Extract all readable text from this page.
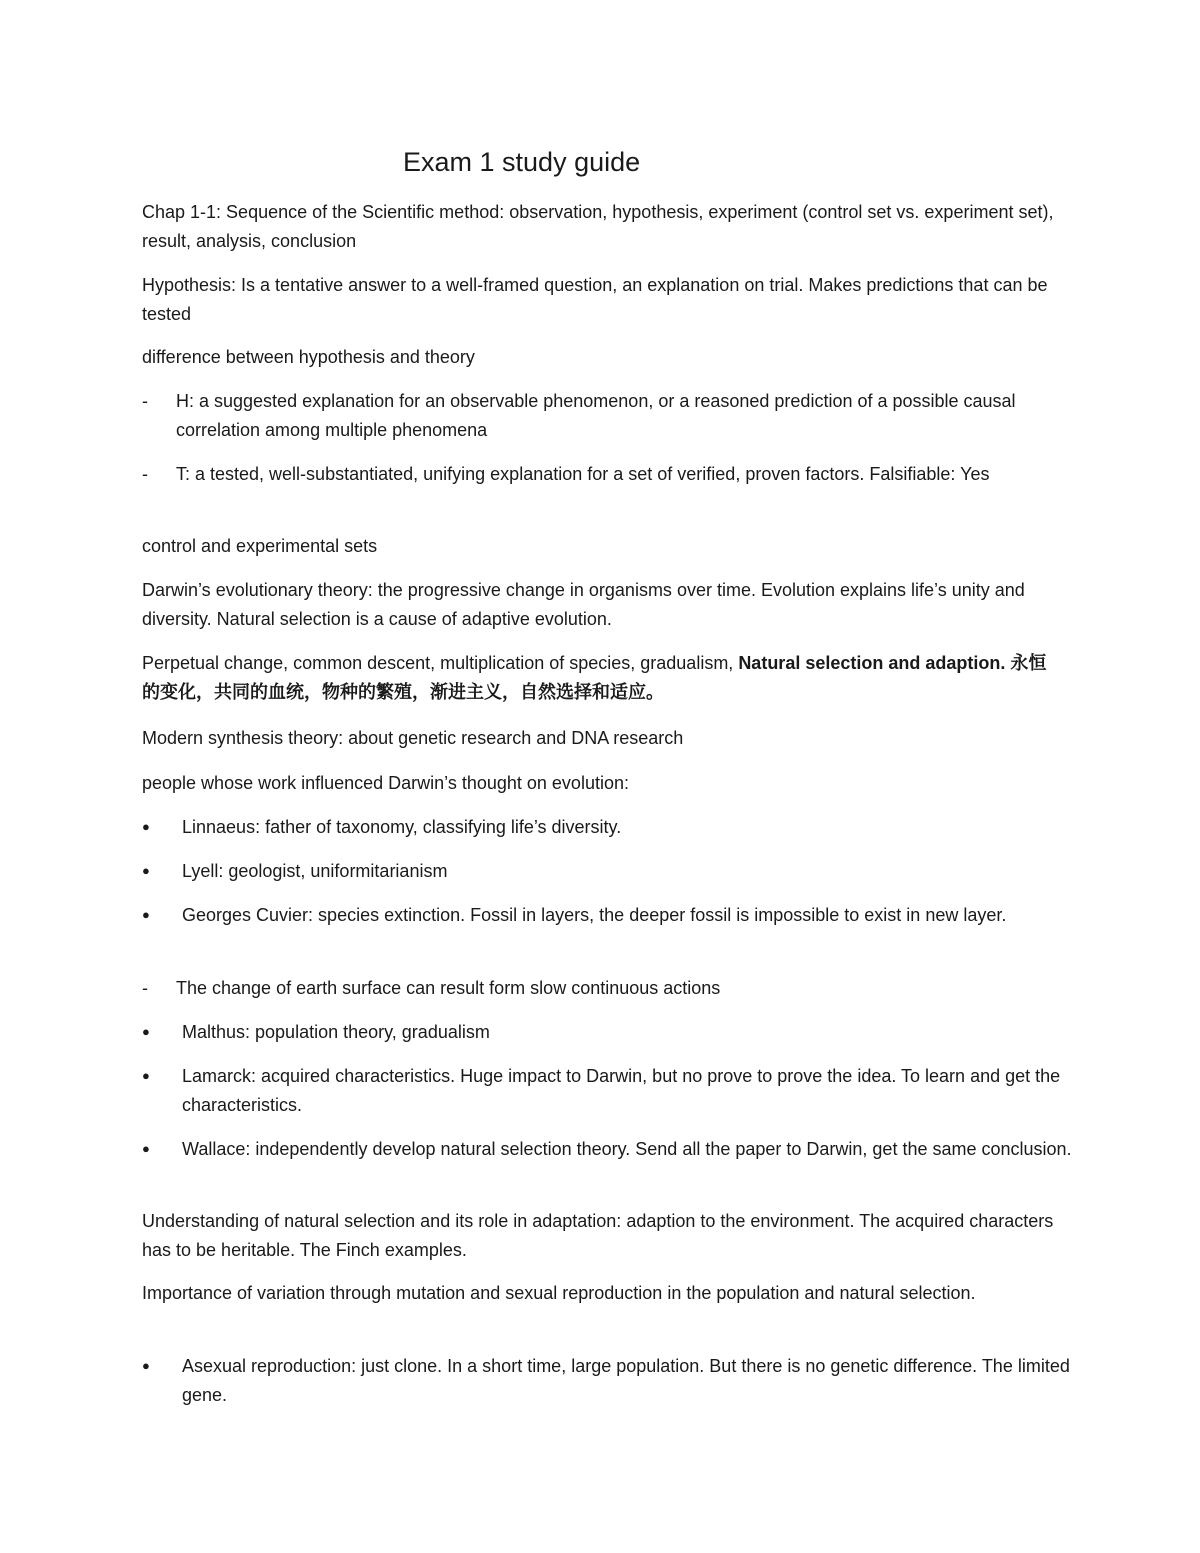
Exam 1 study guide

Chap 1-1: Sequence of the Scientific method: observation, hypothesis, experiment (control set vs. experiment set), result, analysis, conclusion

Hypothesis: Is a tentative answer to a well-framed question, an explanation on trial. Makes predictions that can be tested

difference between hypothesis and theory

-	H: a suggested explanation for an observable phenomenon, or a reasoned prediction of a possible causal correlation among multiple phenomena
-	T: a tested, well-substantiated, unifying explanation for a set of verified, proven factors. Falsifiable: Yes

control and experimental sets

Darwin’s evolutionary theory: the progressive change in organisms over time. Evolution explains life’s unity and diversity. Natural selection is a cause of adaptive evolution.

Perpetual change, common descent, multiplication of species, gradualism, Natural selection and adaption. 永恒的变化，共同的血统，物种的繁殖，渐进主义，自然选择和适应。

Modern synthesis theory: about genetic research and DNA research

people whose work influenced Darwin’s thought on evolution:

●	Linnaeus: father of taxonomy, classifying life’s diversity.
●	Lyell: geologist, uniformitarianism
●	Georges Cuvier: species extinction. Fossil in layers, the deeper fossil is impossible to exist in new layer.
-	The change of earth surface can result form slow continuous actions
●	Malthus: population theory, gradualism
●	Lamarck: acquired characteristics. Huge impact to Darwin, but no prove to prove the idea. To learn and get the characteristics.
●	Wallace: independently develop natural selection theory. Send all the paper to Darwin, get the same conclusion.

Understanding of natural selection and its role in adaptation: adaption to the environment. The acquired characters has to be heritable. The Finch examples.

Importance of variation through mutation and sexual reproduction in the population and natural selection.

●	Asexual reproduction: just clone. In a short time, large population. But there is no genetic difference. The limited gene.
